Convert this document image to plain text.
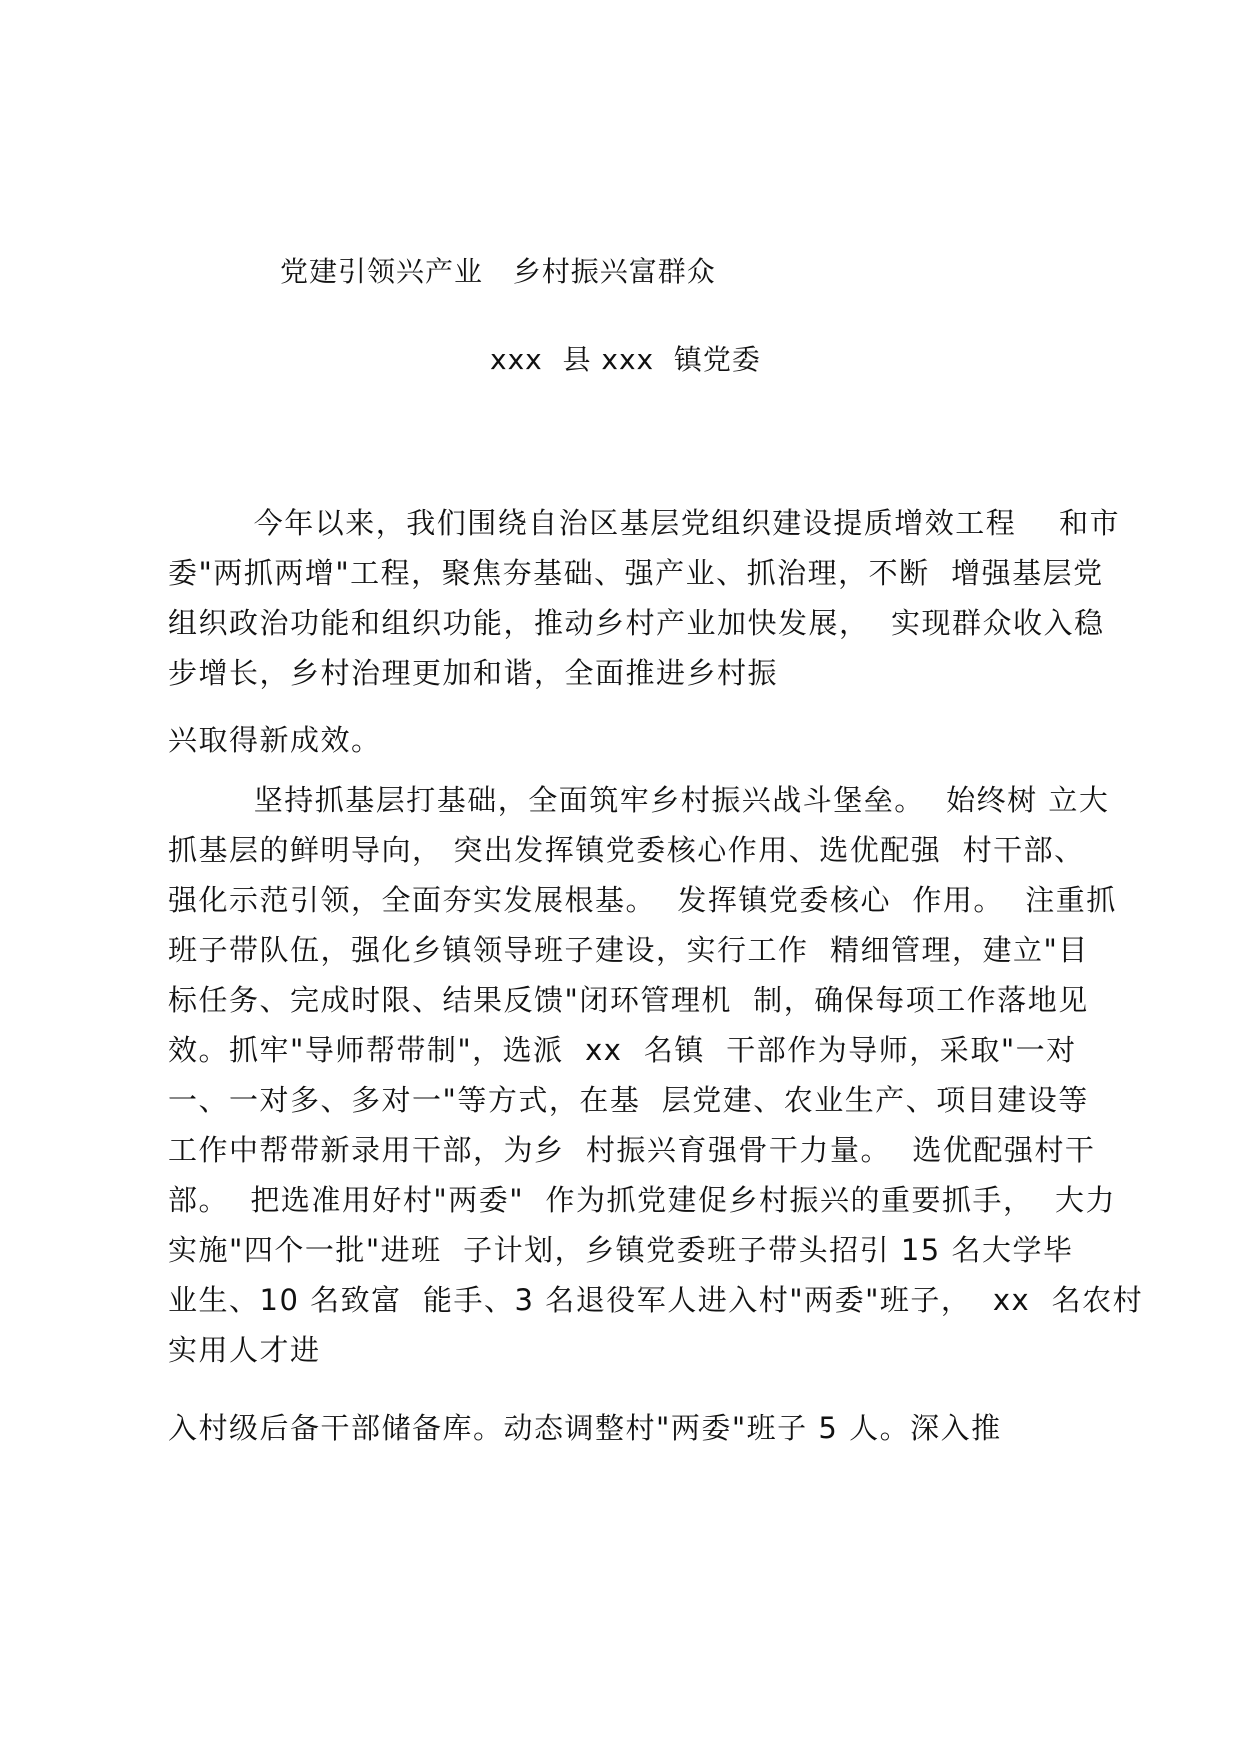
党建引领兴产业   乡村振兴富群众
xxx  县 xxx  镇党委

今年以来，我们围绕自治区基层党组织建设提质增效工程    和市

委"两抓两增"工程，聚焦夯基础、强产业、抓治理，不断  增强基层党

组织政治功能和组织功能，推动乡村产业加快发展，  实现群众收入稳

步增长，乡村治理更加和谐，全面推进乡村振

兴取得新成效。

坚持抓基层打基础，全面筑牢乡村振兴战斗堡垒。  始终树 立大

抓基层的鲜明导向， 突出发挥镇党委核心作用、选优配强  村干部、

强化示范引领，全面夯实发展根基。  发挥镇党委核心  作用。  注重抓

班子带队伍，强化乡镇领导班子建设，实行工作  精细管理，建立"目

标任务、完成时限、结果反馈"闭环管理机  制，确保每项工作落地见

效。抓牢"导师帮带制"，选派  xx  名镇  干部作为导师，采取"一对

一、一对多、多对一"等方式，在基  层党建、农业生产、项目建设等

工作中帮带新录用干部，为乡  村振兴育强骨干力量。  选优配强村干

部。  把选准用好村"两委"  作为抓党建促乡村振兴的重要抓手，  大力

实施"四个一批"进班  子计划，乡镇党委班子带头招引 15 名大学毕

业生、10 名致富  能手、3 名退役军人进入村"两委"班子，  xx  名农村

实用人才进

入村级后备干部储备库。动态调整村"两委"班子 5 人。深入推
